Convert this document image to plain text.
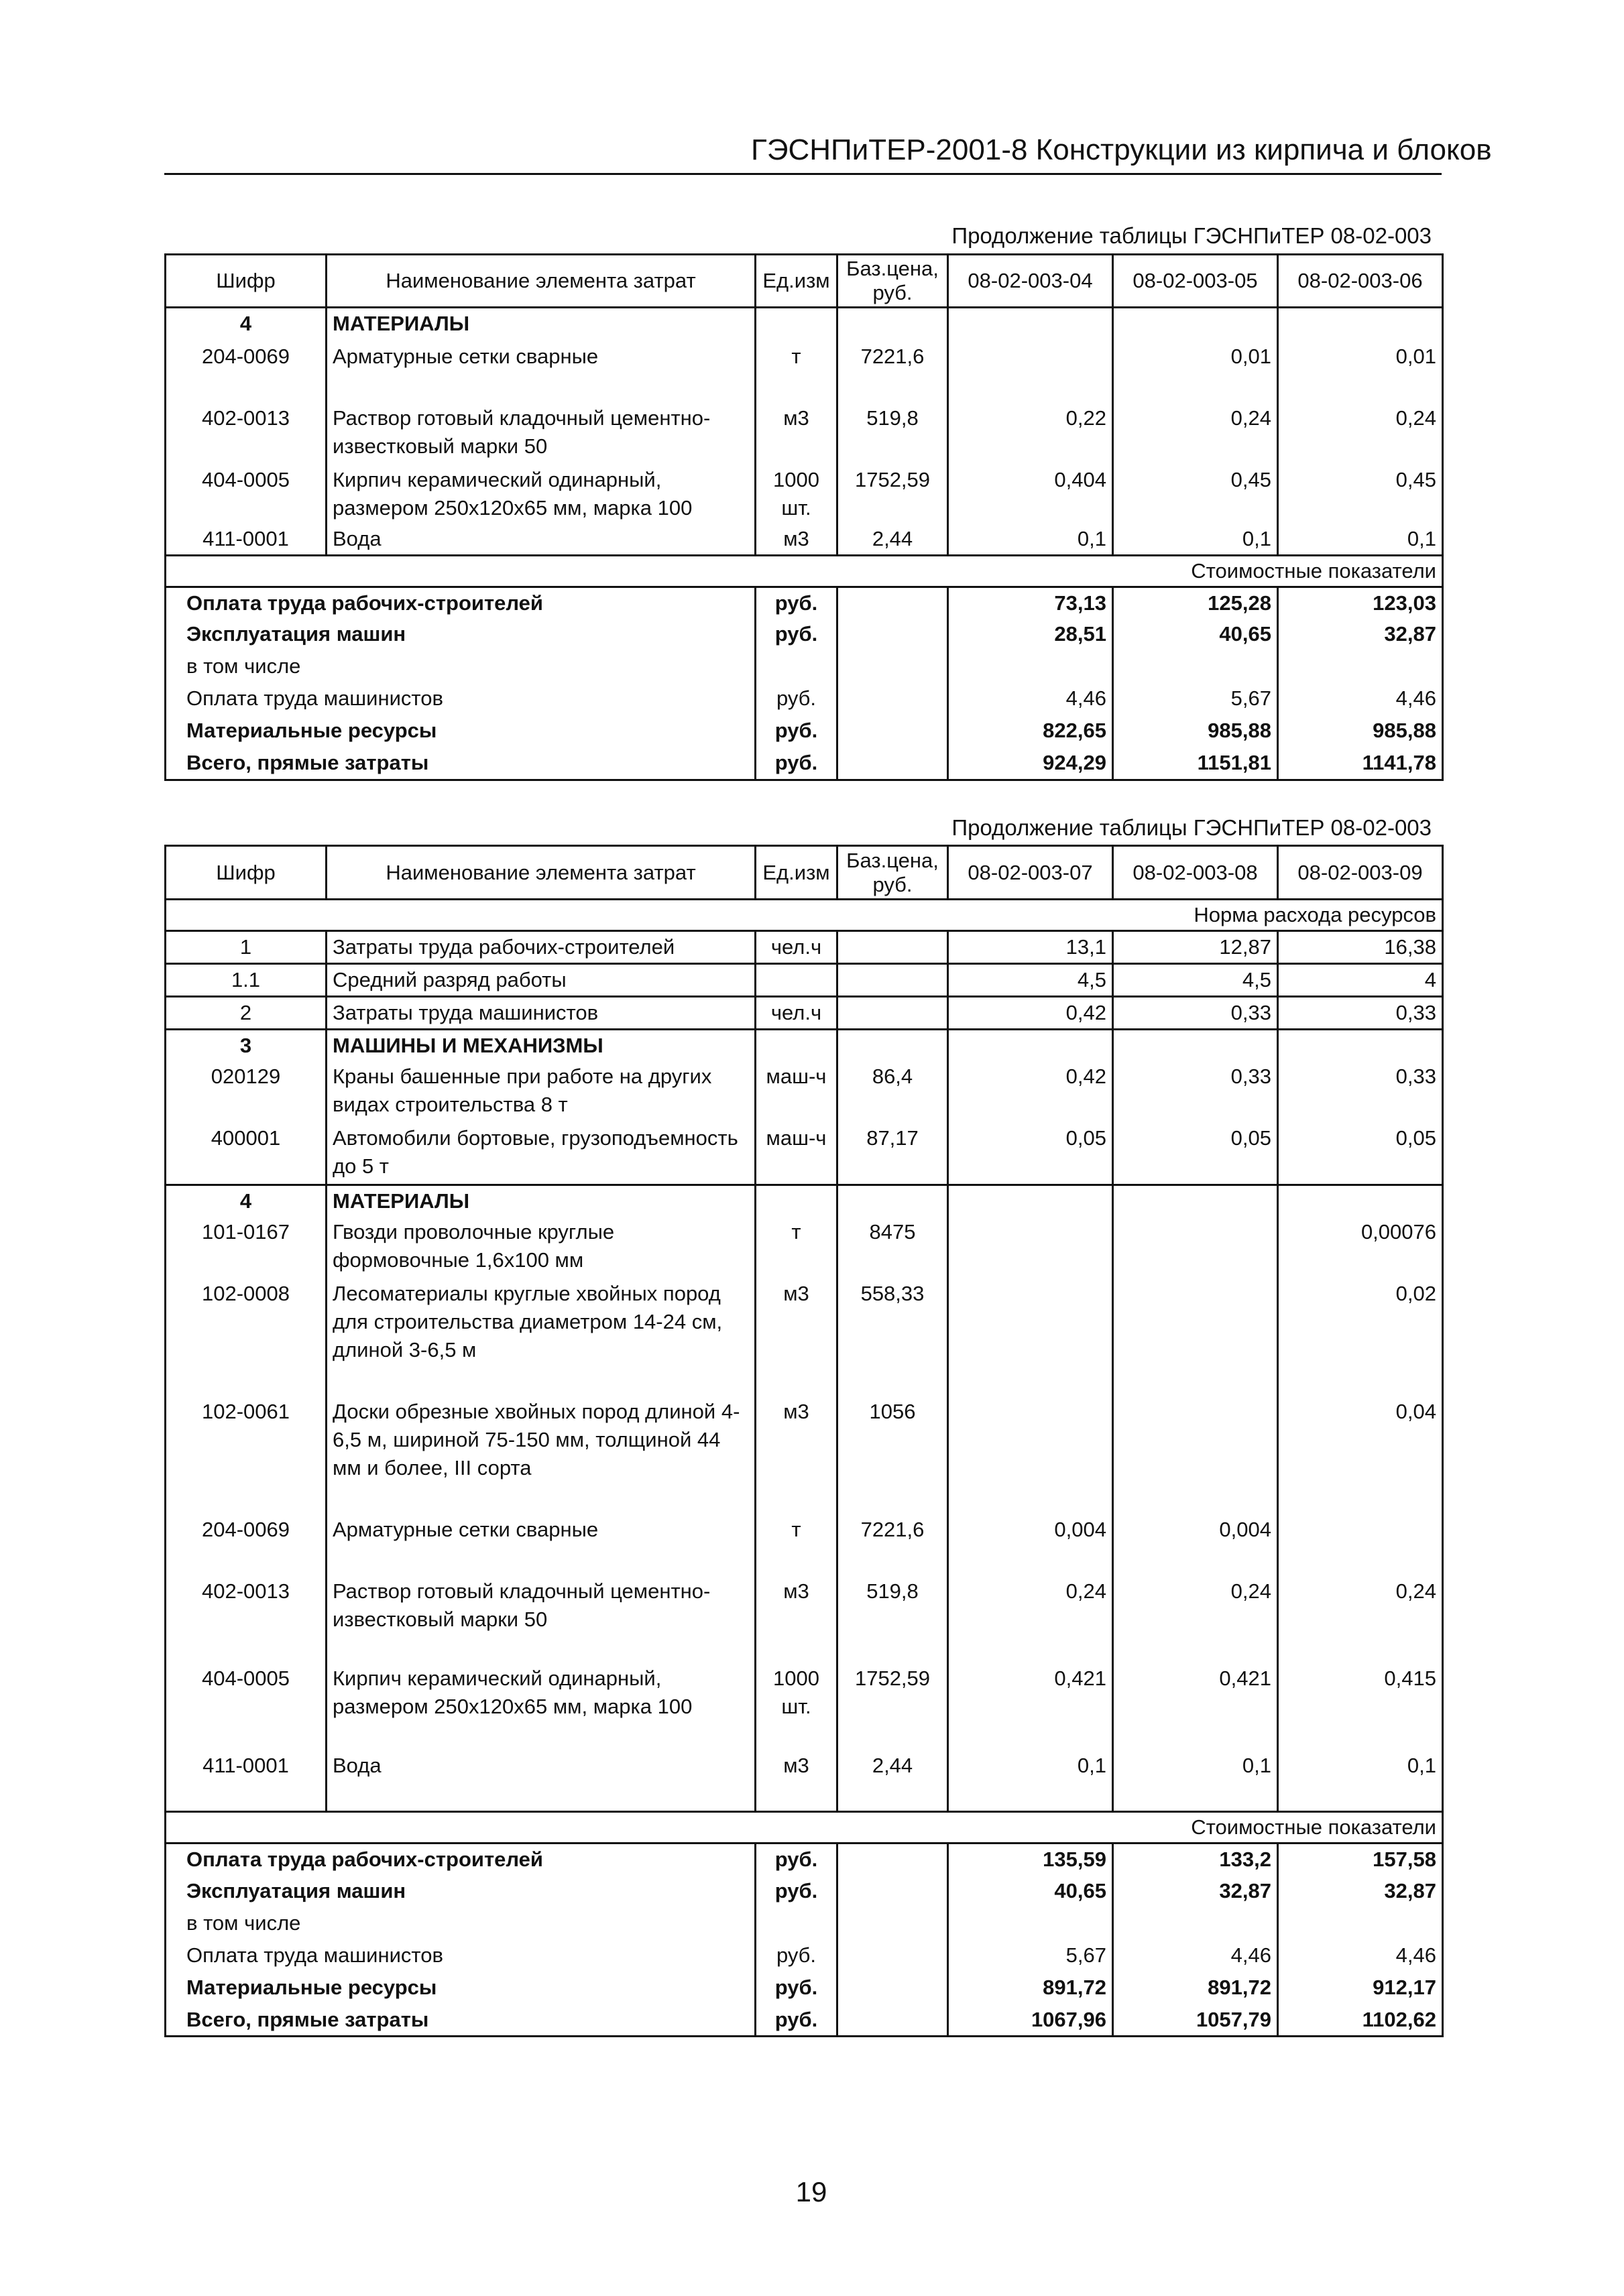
ГЭСНПиТЕР-2001-8 Конструкции из кирпича и блоков
Продолжение таблицы ГЭСНПиТЕР 08-02-003
Шифр	Наименование элемента затрат	Ед.изм	Баз.цена, руб.	08-02-003-04	08-02-003-05	08-02-003-06
4	МАТЕРИАЛЫ					
204-0069	Арматурные сетки сварные	т	7221,6		0,01	0,01
402-0013	Раствор готовый кладочный цементно-известковый марки 50	м3	519,8	0,22	0,24	0,24
404-0005	Кирпич керамический одинарный, размером 250x120x65 мм, марка 100	1000 шт.	1752,59	0,404	0,45	0,45
411-0001	Вода	м3	2,44	0,1	0,1	0,1
Стоимостные показатели						
Оплата труда рабочих-строителей		руб.		73,13	125,28	123,03
Эксплуатация машин		руб.		28,51	40,65	32,87
в том числе						
Оплата труда машинистов		руб.		4,46	5,67	4,46
Материальные ресурсы		руб.		822,65	985,88	985,88
Всего, прямые затраты		руб.		924,29	1151,81	1141,78
Продолжение таблицы ГЭСНПиТЕР 08-02-003
Шифр	Наименование элемента затрат	Ед.изм	Баз.цена, руб.	08-02-003-07	08-02-003-08	08-02-003-09
Норма расхода ресурсов						
1	Затраты труда рабочих-строителей	чел.ч		13,1	12,87	16,38
1.1	Средний разряд работы			4,5	4,5	4
2	Затраты труда машинистов	чел.ч		0,42	0,33	0,33
3	МАШИНЫ И МЕХАНИЗМЫ					
020129	Краны башенные при работе на других видах строительства 8 т	маш-ч	86,4	0,42	0,33	0,33
400001	Автомобили бортовые, грузоподъемность до 5 т	маш-ч	87,17	0,05	0,05	0,05
4	МАТЕРИАЛЫ					
101-0167	Гвозди проволочные круглые формовочные 1,6x100 мм	т	8475			0,00076
102-0008	Лесоматериалы круглые хвойных пород для строительства диаметром 14-24 см, длиной 3-6,5 м	м3	558,33			0,02
102-0061	Доски обрезные хвойных пород длиной 4-6,5 м, шириной 75-150 мм, толщиной 44 мм и более, III сорта	м3	1056			0,04
204-0069	Арматурные сетки сварные	т	7221,6	0,004	0,004	
402-0013	Раствор готовый кладочный цементно-известковый марки 50	м3	519,8	0,24	0,24	0,24
404-0005	Кирпич керамический одинарный, размером 250x120x65 мм, марка 100	1000 шт.	1752,59	0,421	0,421	0,415
411-0001	Вода	м3	2,44	0,1	0,1	0,1
Стоимостные показатели						
Оплата труда рабочих-строителей		руб.		135,59	133,2	157,58
Эксплуатация машин		руб.		40,65	32,87	32,87
в том числе						
Оплата труда машинистов		руб.		5,67	4,46	4,46
Материальные ресурсы		руб.		891,72	891,72	912,17
Всего, прямые затраты		руб.		1067,96	1057,79	1102,62
19
